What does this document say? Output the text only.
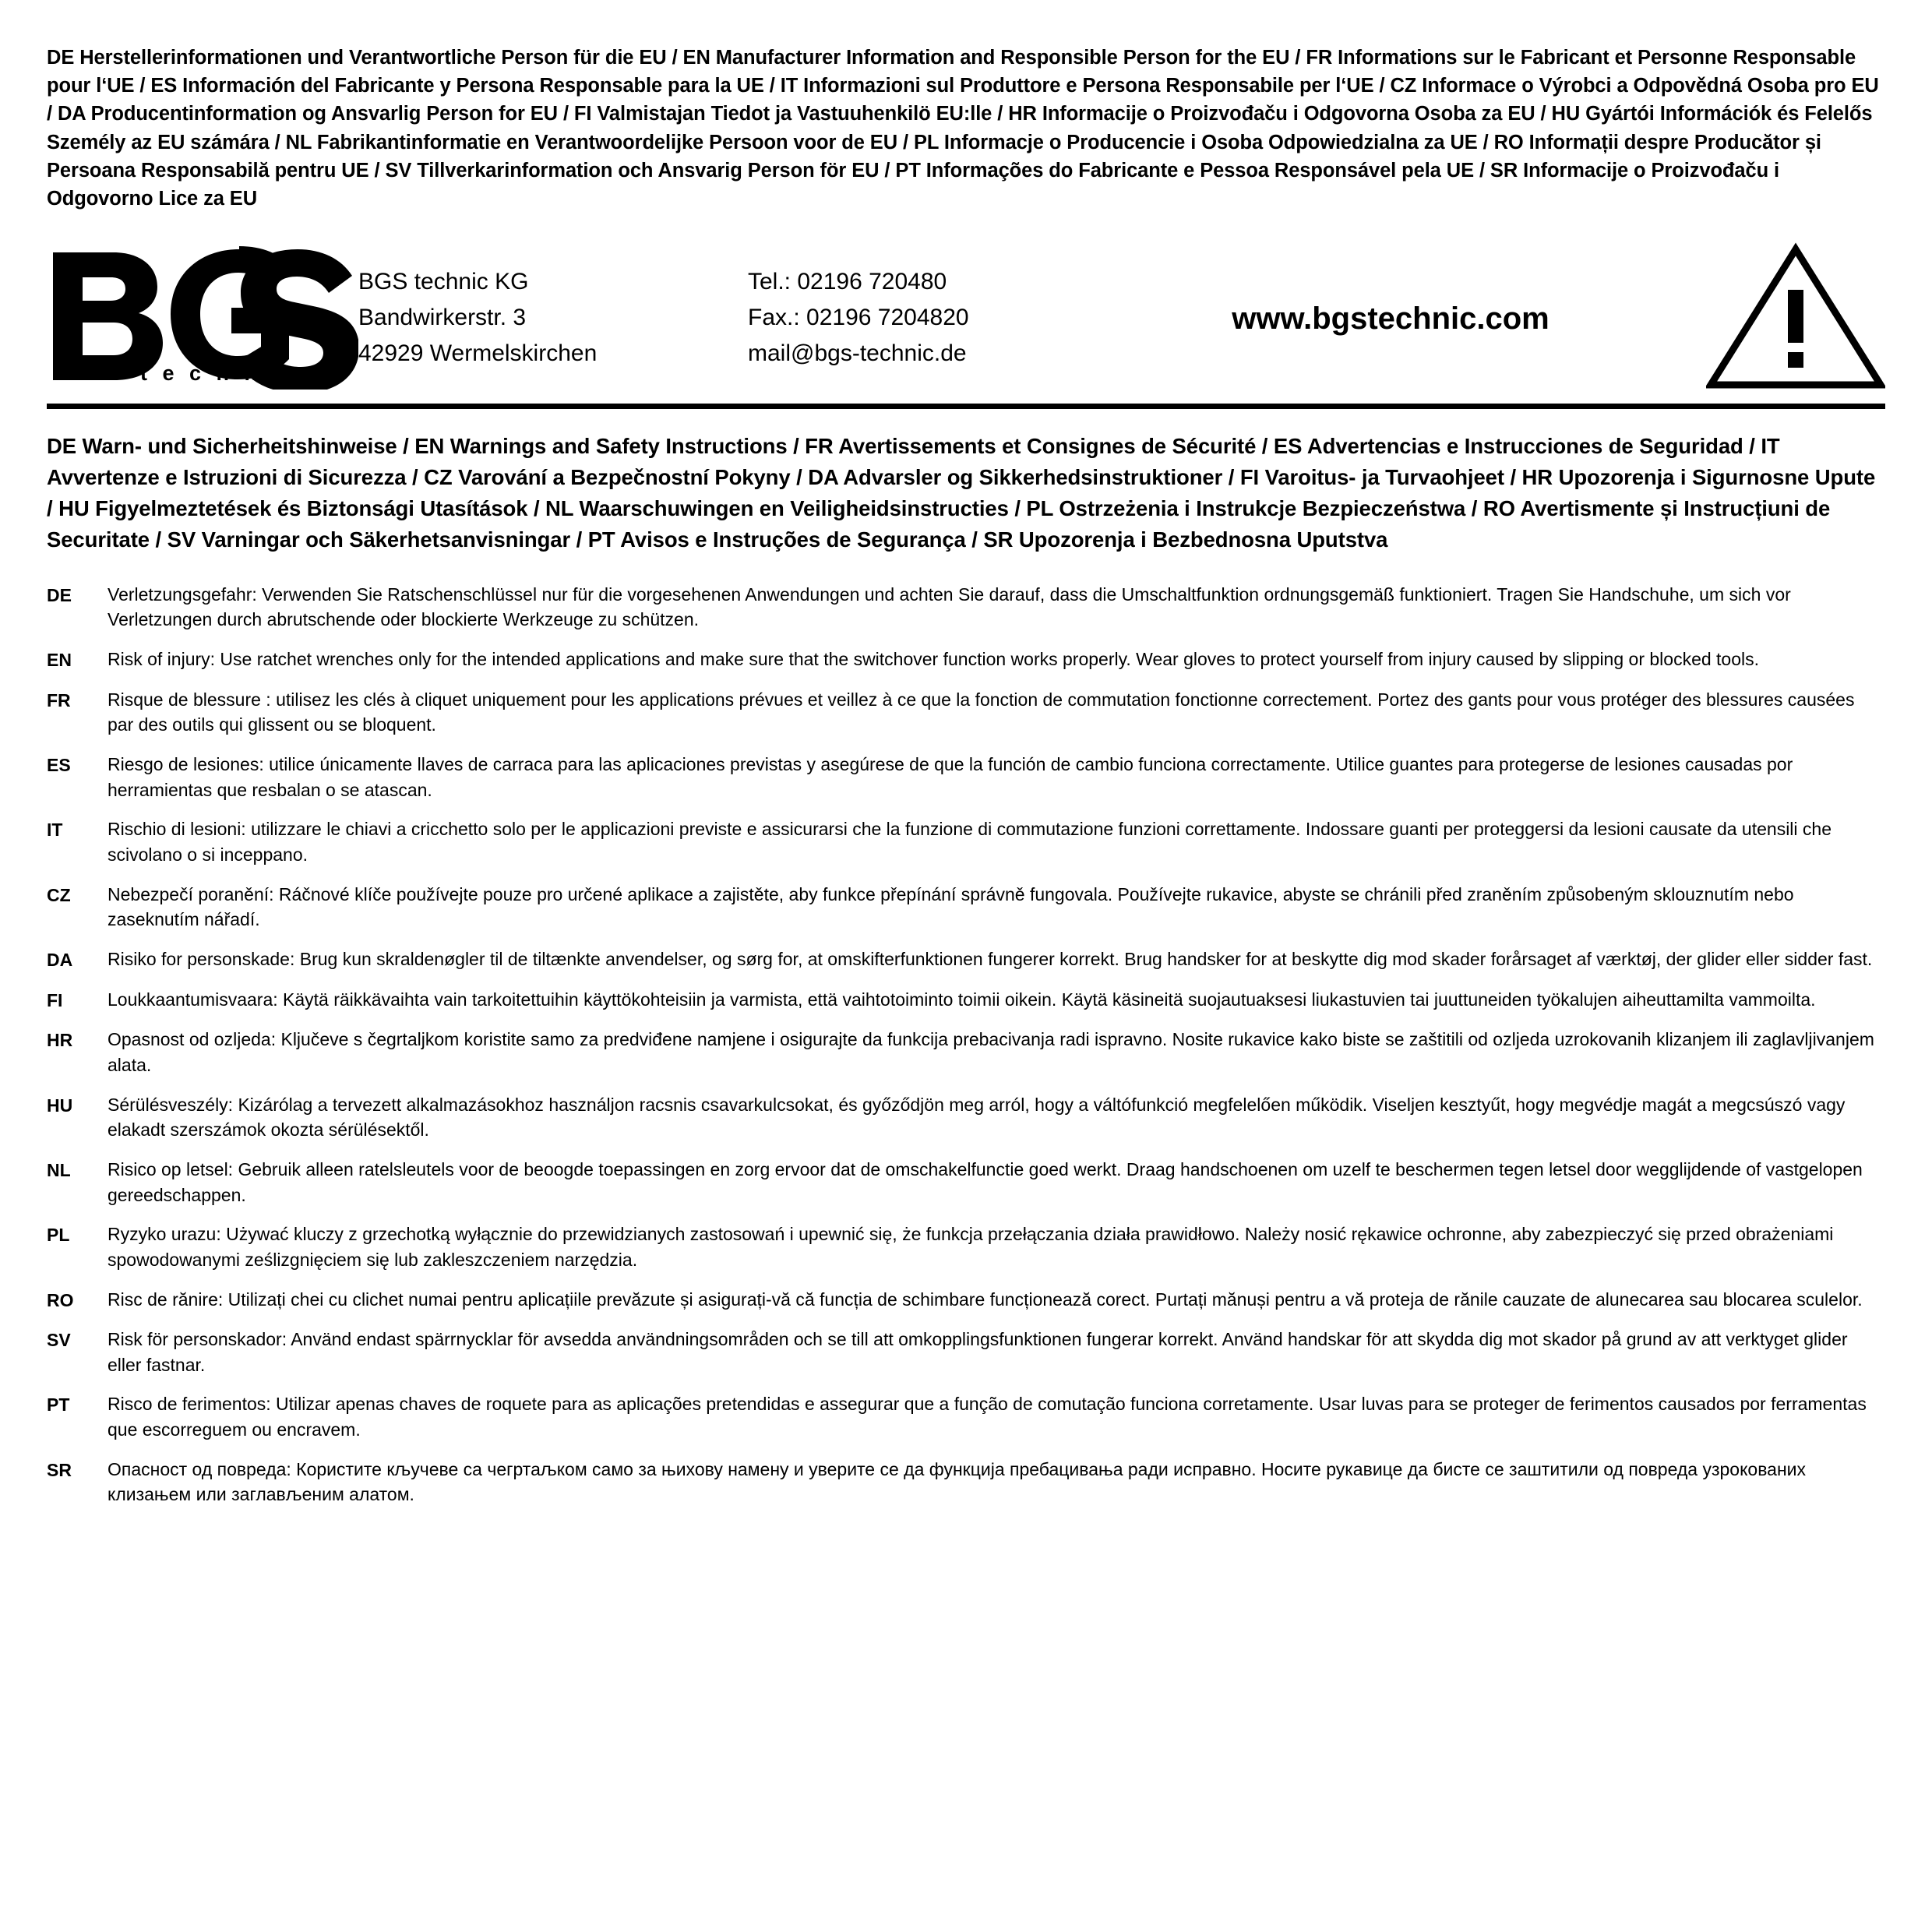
DE Herstellerinformationen und Verantwortliche Person für die EU / EN Manufacturer Information and Responsible Person for the EU / FR Informations sur le Fabricant et Personne Responsable pour l‘UE / ES Información del Fabricante y Persona Responsable para la UE / IT Informazioni sul Produttore e Persona Responsabile per l‘UE / CZ Informace o Výrobci a Odpovědná Osoba pro EU / DA Producentinformation og Ansvarlig Person for EU / FI Valmistajan Tiedot ja Vastuuhenkilö EU:lle / HR Informacije o Proizvođaču i Odgovorna Osoba za EU / HU Gyártói Információk és Felelős Személy az EU számára / NL Fabrikantinformatie en Verantwoordelijke Persoon voor de EU / PL Informacje o Producencie i Osoba Odpowiedzialna za UE / RO Informații despre Producător și Persoana Responsabilă pentru UE / SV Tillverkarinformation och Ansvarig Person för EU / PT Informações do Fabricante e Pessoa Responsável pela UE / SR Informacije o Proizvođaču i Odgovorno Lice za EU
®
t e c h n i c
BGS technic KG
Bandwirkerstr. 3
42929 Wermelskirchen
Tel.: 02196 720480
Fax.: 02196 7204820
mail@bgs-technic.de
www.bgstechnic.com
DE Warn- und Sicherheitshinweise / EN Warnings and Safety Instructions / FR Avertissements et Consignes de Sécurité / ES Advertencias e Instrucciones de Seguridad / IT Avvertenze e Istruzioni di Sicurezza / CZ Varování a Bezpečnostní Pokyny / DA Advarsler og Sikkerhedsinstruktioner / FI Varoitus- ja Turvaohjeet / HR Upozorenja i Sigurnosne Upute / HU Figyelmeztetések és Biztonsági Utasítások / NL Waarschuwingen en Veiligheidsinstructies / PL Ostrzeżenia i Instrukcje Bezpieczeństwa / RO Avertismente și Instrucțiuni de Securitate / SV Varningar och Säkerhetsanvisningar / PT Avisos e Instruções de Segurança / SR Upozorenja i Bezbednosna Uputstva
DE	Verletzungsgefahr: Verwenden Sie Ratschenschlüssel nur für die vorgesehenen Anwendungen und achten Sie darauf, dass die Umschaltfunktion ordnungsgemäß funktioniert. Tragen Sie Handschuhe, um sich vor Verletzungen durch abrutschende oder blockierte Werkzeuge zu schützen.
EN	Risk of injury: Use ratchet wrenches only for the intended applications and make sure that the switchover function works properly. Wear gloves to protect yourself from injury caused by slipping or blocked tools.
FR	Risque de blessure : utilisez les clés à cliquet uniquement pour les applications prévues et veillez à ce que la fonction de commutation fonctionne correctement. Portez des gants pour vous protéger des blessures causées par des outils qui glissent ou se bloquent.
ES	Riesgo de lesiones: utilice únicamente llaves de carraca para las aplicaciones previstas y asegúrese de que la función de cambio funciona correctamente. Utilice guantes para protegerse de lesiones causadas por herramientas que resbalan o se atascan.
IT	Rischio di lesioni: utilizzare le chiavi a cricchetto solo per le applicazioni previste e assicurarsi che la funzione di commutazione funzioni correttamente. Indossare guanti per proteggersi da lesioni causate da utensili che scivolano o si inceppano.
CZ	Nebezpečí poranění: Ráčnové klíče používejte pouze pro určené aplikace a zajistěte, aby funkce přepínání správně fungovala. Používejte rukavice, abyste se chránili před zraněním způsobeným sklouznutím nebo zaseknutím nářadí.
DA	Risiko for personskade: Brug kun skraldenøgler til de tiltænkte anvendelser, og sørg for, at omskifterfunktionen fungerer korrekt. Brug handsker for at beskytte dig mod skader forårsaget af værktøj, der glider eller sidder fast.
FI	Loukkaantumisvaara: Käytä räikkävaihta vain tarkoitettuihin käyttökohteisiin ja varmista, että vaihtotoiminto toimii oikein. Käytä käsineitä suojautuaksesi liukastuvien tai juuttuneiden työkalujen aiheuttamilta vammoilta.
HR	Opasnost od ozljeda: Ključeve s čegrtaljkom koristite samo za predviđene namjene i osigurajte da funkcija prebacivanja radi ispravno. Nosite rukavice kako biste se zaštitili od ozljeda uzrokovanih klizanjem ili zaglavljivanjem alata.
HU	Sérülésveszély: Kizárólag a tervezett alkalmazásokhoz használjon racsnis csavarkulcsokat, és győződjön meg arról, hogy a váltófunkció megfelelően működik. Viseljen kesztyűt, hogy megvédje magát a megcsúszó vagy elakadt szerszámok okozta sérülésektől.
NL	Risico op letsel: Gebruik alleen ratelsleutels voor de beoogde toepassingen en zorg ervoor dat de omschakelfunctie goed werkt. Draag handschoenen om uzelf te beschermen tegen letsel door wegglijdende of vastgelopen gereedschappen.
PL	Ryzyko urazu: Używać kluczy z grzechotką wyłącznie do przewidzianych zastosowań i upewnić się, że funkcja przełączania działa prawidłowo. Należy nosić rękawice ochronne, aby zabezpieczyć się przed obrażeniami spowodowanymi ześlizgnięciem się lub zakleszczeniem narzędzia.
RO	Risc de rănire: Utilizați chei cu clichet numai pentru aplicațiile prevăzute și asigurați-vă că funcția de schimbare funcționează corect. Purtați mănuși pentru a vă proteja de rănile cauzate de alunecarea sau blocarea sculelor.
SV	Risk för personskador: Använd endast spärrnycklar för avsedda användningsområden och se till att omkopplingsfunktionen fungerar korrekt. Använd handskar för att skydda dig mot skador på grund av att verktyget glider eller fastnar.
PT	Risco de ferimentos: Utilizar apenas chaves de roquete para as aplicações pretendidas e assegurar que a função de comutação funciona corretamente. Usar luvas para se proteger de ferimentos causados por ferramentas que escorreguem ou encravem.
SR	Опасност од повреда: Користите кључеве са чегртаљком само за њихову намену и уверите се да функција пребацивања ради исправно. Носите рукавице да бисте се заштитили од повреда узрокованих клизањем или заглављеним алатом.
